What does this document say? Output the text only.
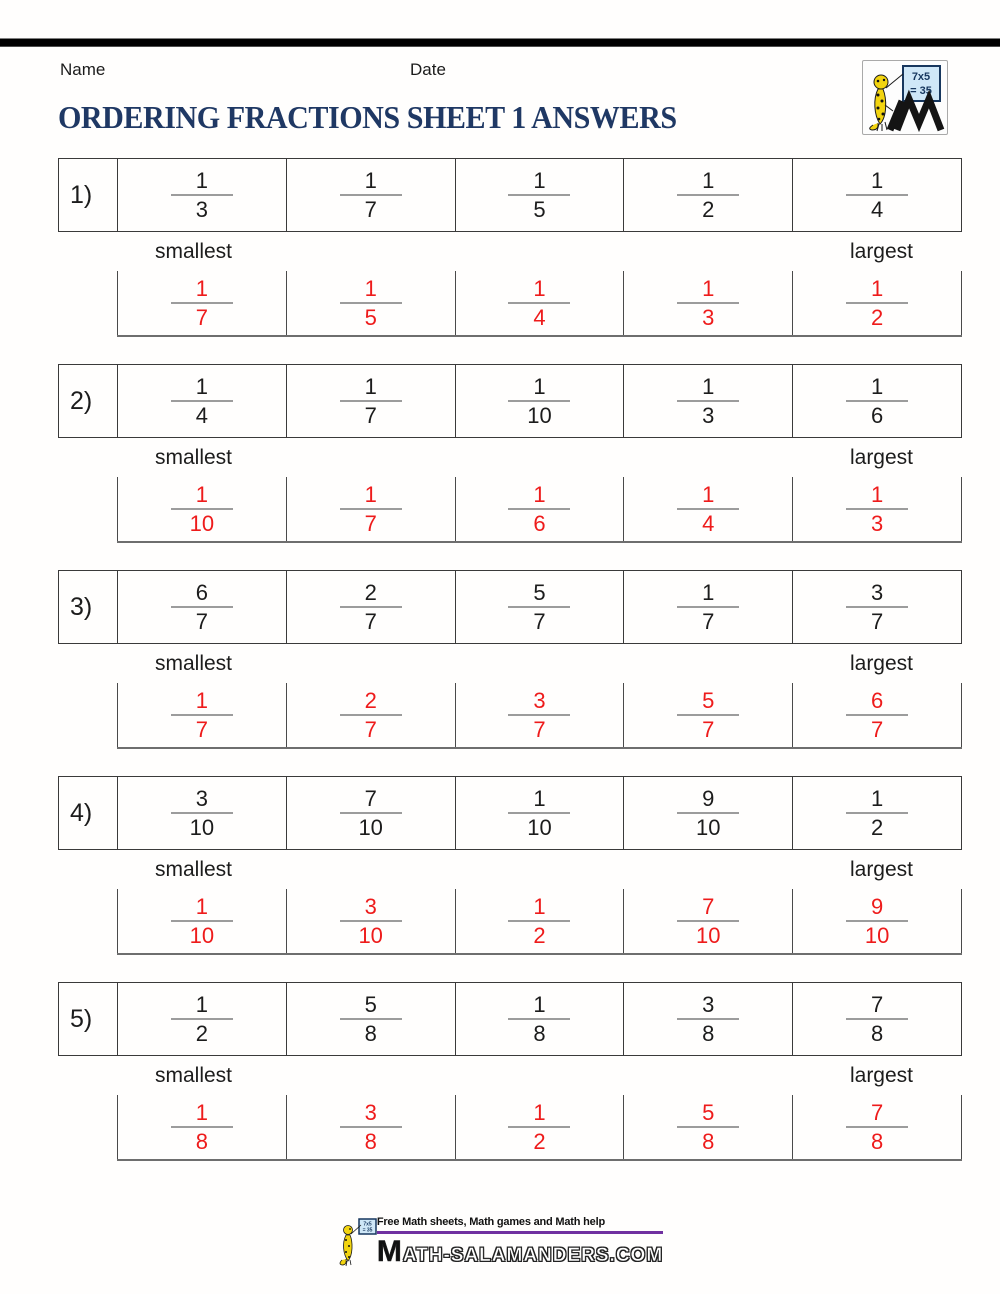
Name	Date
ORDERING FRACTIONS SHEET 1 ANSWERS
7x5
= 35
1)	$\frac{1}{3}$	$\frac{1}{7}$	$\frac{1}{5}$	$\frac{1}{2}$	$\frac{1}{4}$
smallest	largest
$\frac{1}{7}$	$\frac{1}{5}$	$\frac{1}{4}$	$\frac{1}{3}$	$\frac{1}{2}$
2)	$\frac{1}{4}$	$\frac{1}{7}$	$\frac{1}{10}$	$\frac{1}{3}$	$\frac{1}{6}$
smallest	largest
$\frac{1}{10}$	$\frac{1}{7}$	$\frac{1}{6}$	$\frac{1}{4}$	$\frac{1}{3}$
3)	$\frac{6}{7}$	$\frac{2}{7}$	$\frac{5}{7}$	$\frac{1}{7}$	$\frac{3}{7}$
smallest	largest
$\frac{1}{7}$	$\frac{2}{7}$	$\frac{3}{7}$	$\frac{5}{7}$	$\frac{6}{7}$
4)	$\frac{3}{10}$	$\frac{7}{10}$	$\frac{1}{10}$	$\frac{9}{10}$	$\frac{1}{2}$
smallest	largest
$\frac{1}{10}$	$\frac{3}{10}$	$\frac{1}{2}$	$\frac{7}{10}$	$\frac{9}{10}$
5)	$\frac{1}{2}$	$\frac{5}{8}$	$\frac{1}{8}$	$\frac{3}{8}$	$\frac{7}{8}$
smallest	largest
$\frac{1}{8}$	$\frac{3}{8}$	$\frac{1}{2}$	$\frac{5}{8}$	$\frac{7}{8}$
7x5
= 35
Free Math sheets, Math games and Math help
MATH-SALAMANDERS.COM
